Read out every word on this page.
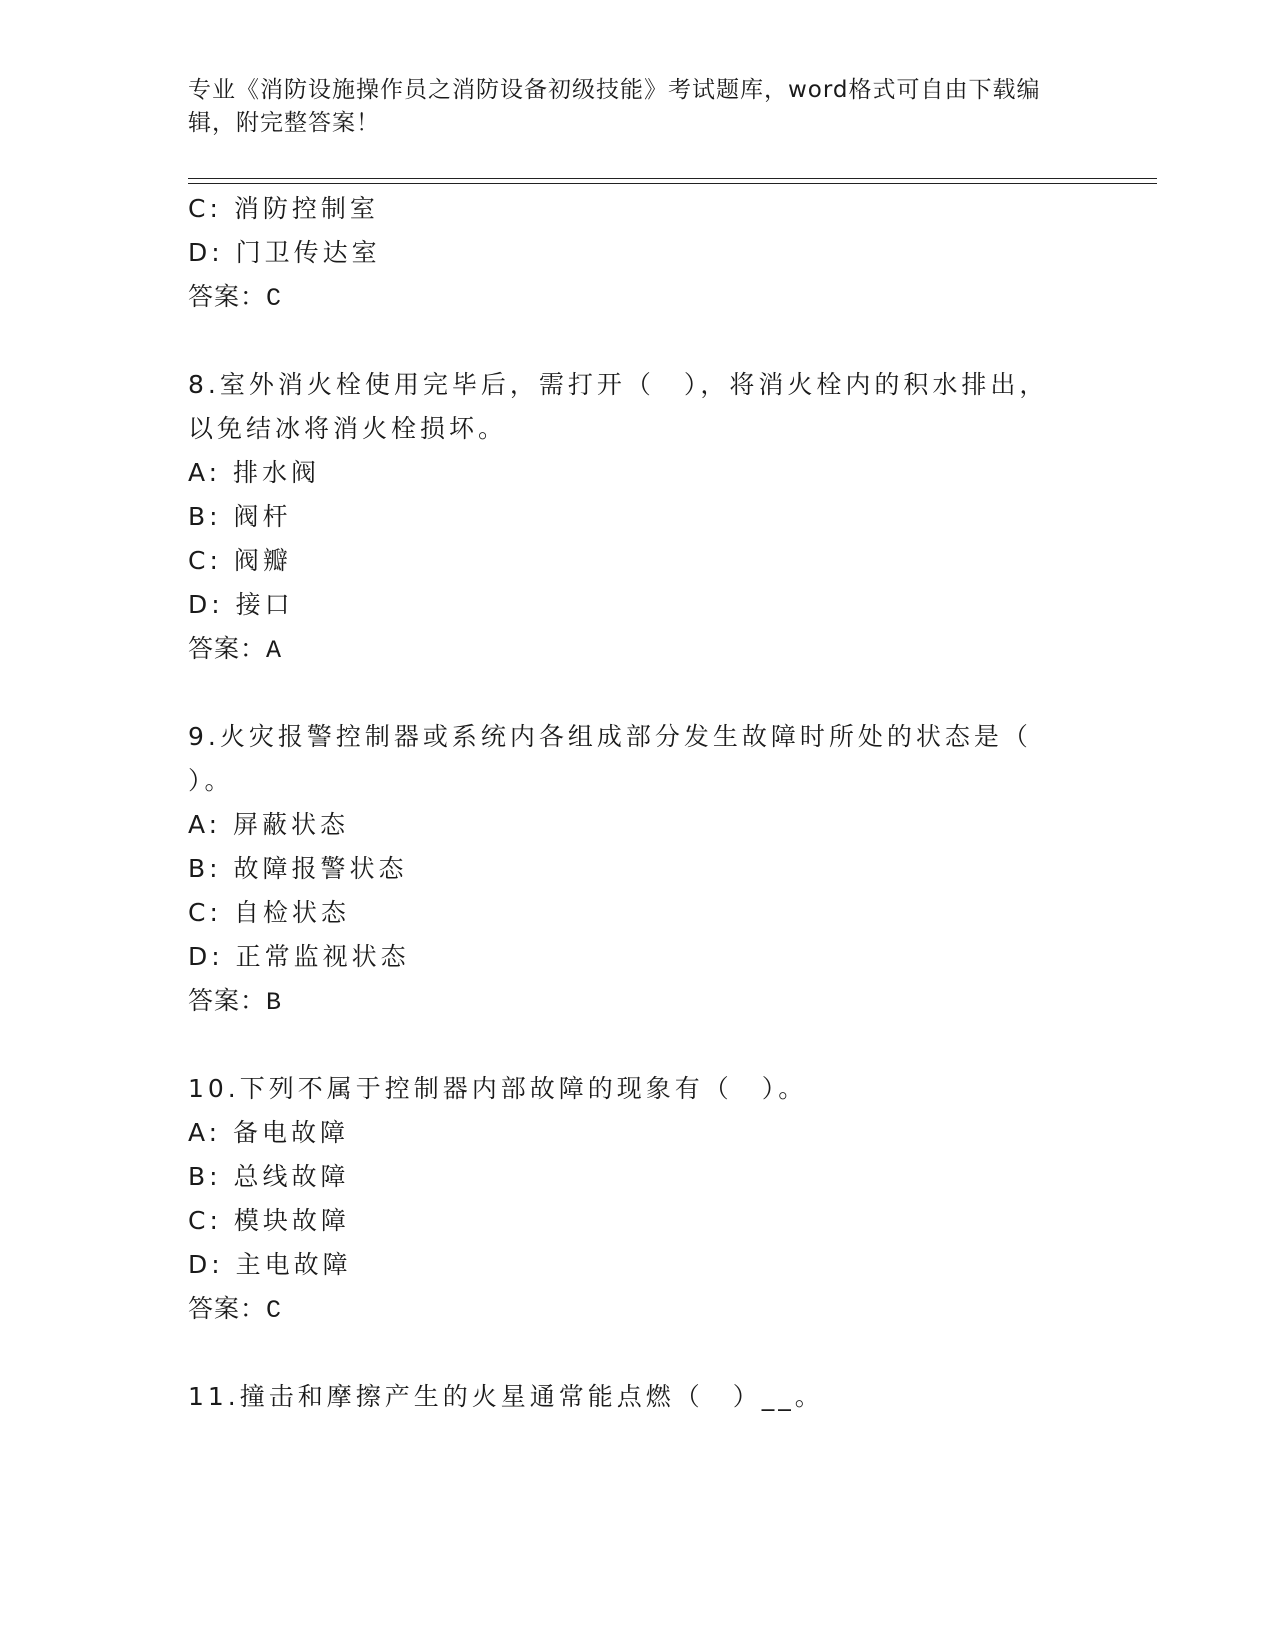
专业《消防设施操作员之消防设备初级技能》考试题库，word格式可自由下载编
辑，附完整答案！
C: 消防控制室
D: 门卫传达室
答案：C
8.室外消火栓使用完毕后，需打开（　），将消火栓内的积水排出，
以免结冰将消火栓损坏。
A: 排水阀
B: 阀杆
C: 阀瓣
D: 接口
答案：A
9.火灾报警控制器或系统内各组成部分发生故障时所处的状态是（
）。
A: 屏蔽状态
B: 故障报警状态
C: 自检状态
D: 正常监视状态
答案：B
10.下列不属于控制器内部故障的现象有（　）。
A: 备电故障
B: 总线故障
C: 模块故障
D: 主电故障
答案：C
11.撞击和摩擦产生的火星通常能点燃（　）__。
